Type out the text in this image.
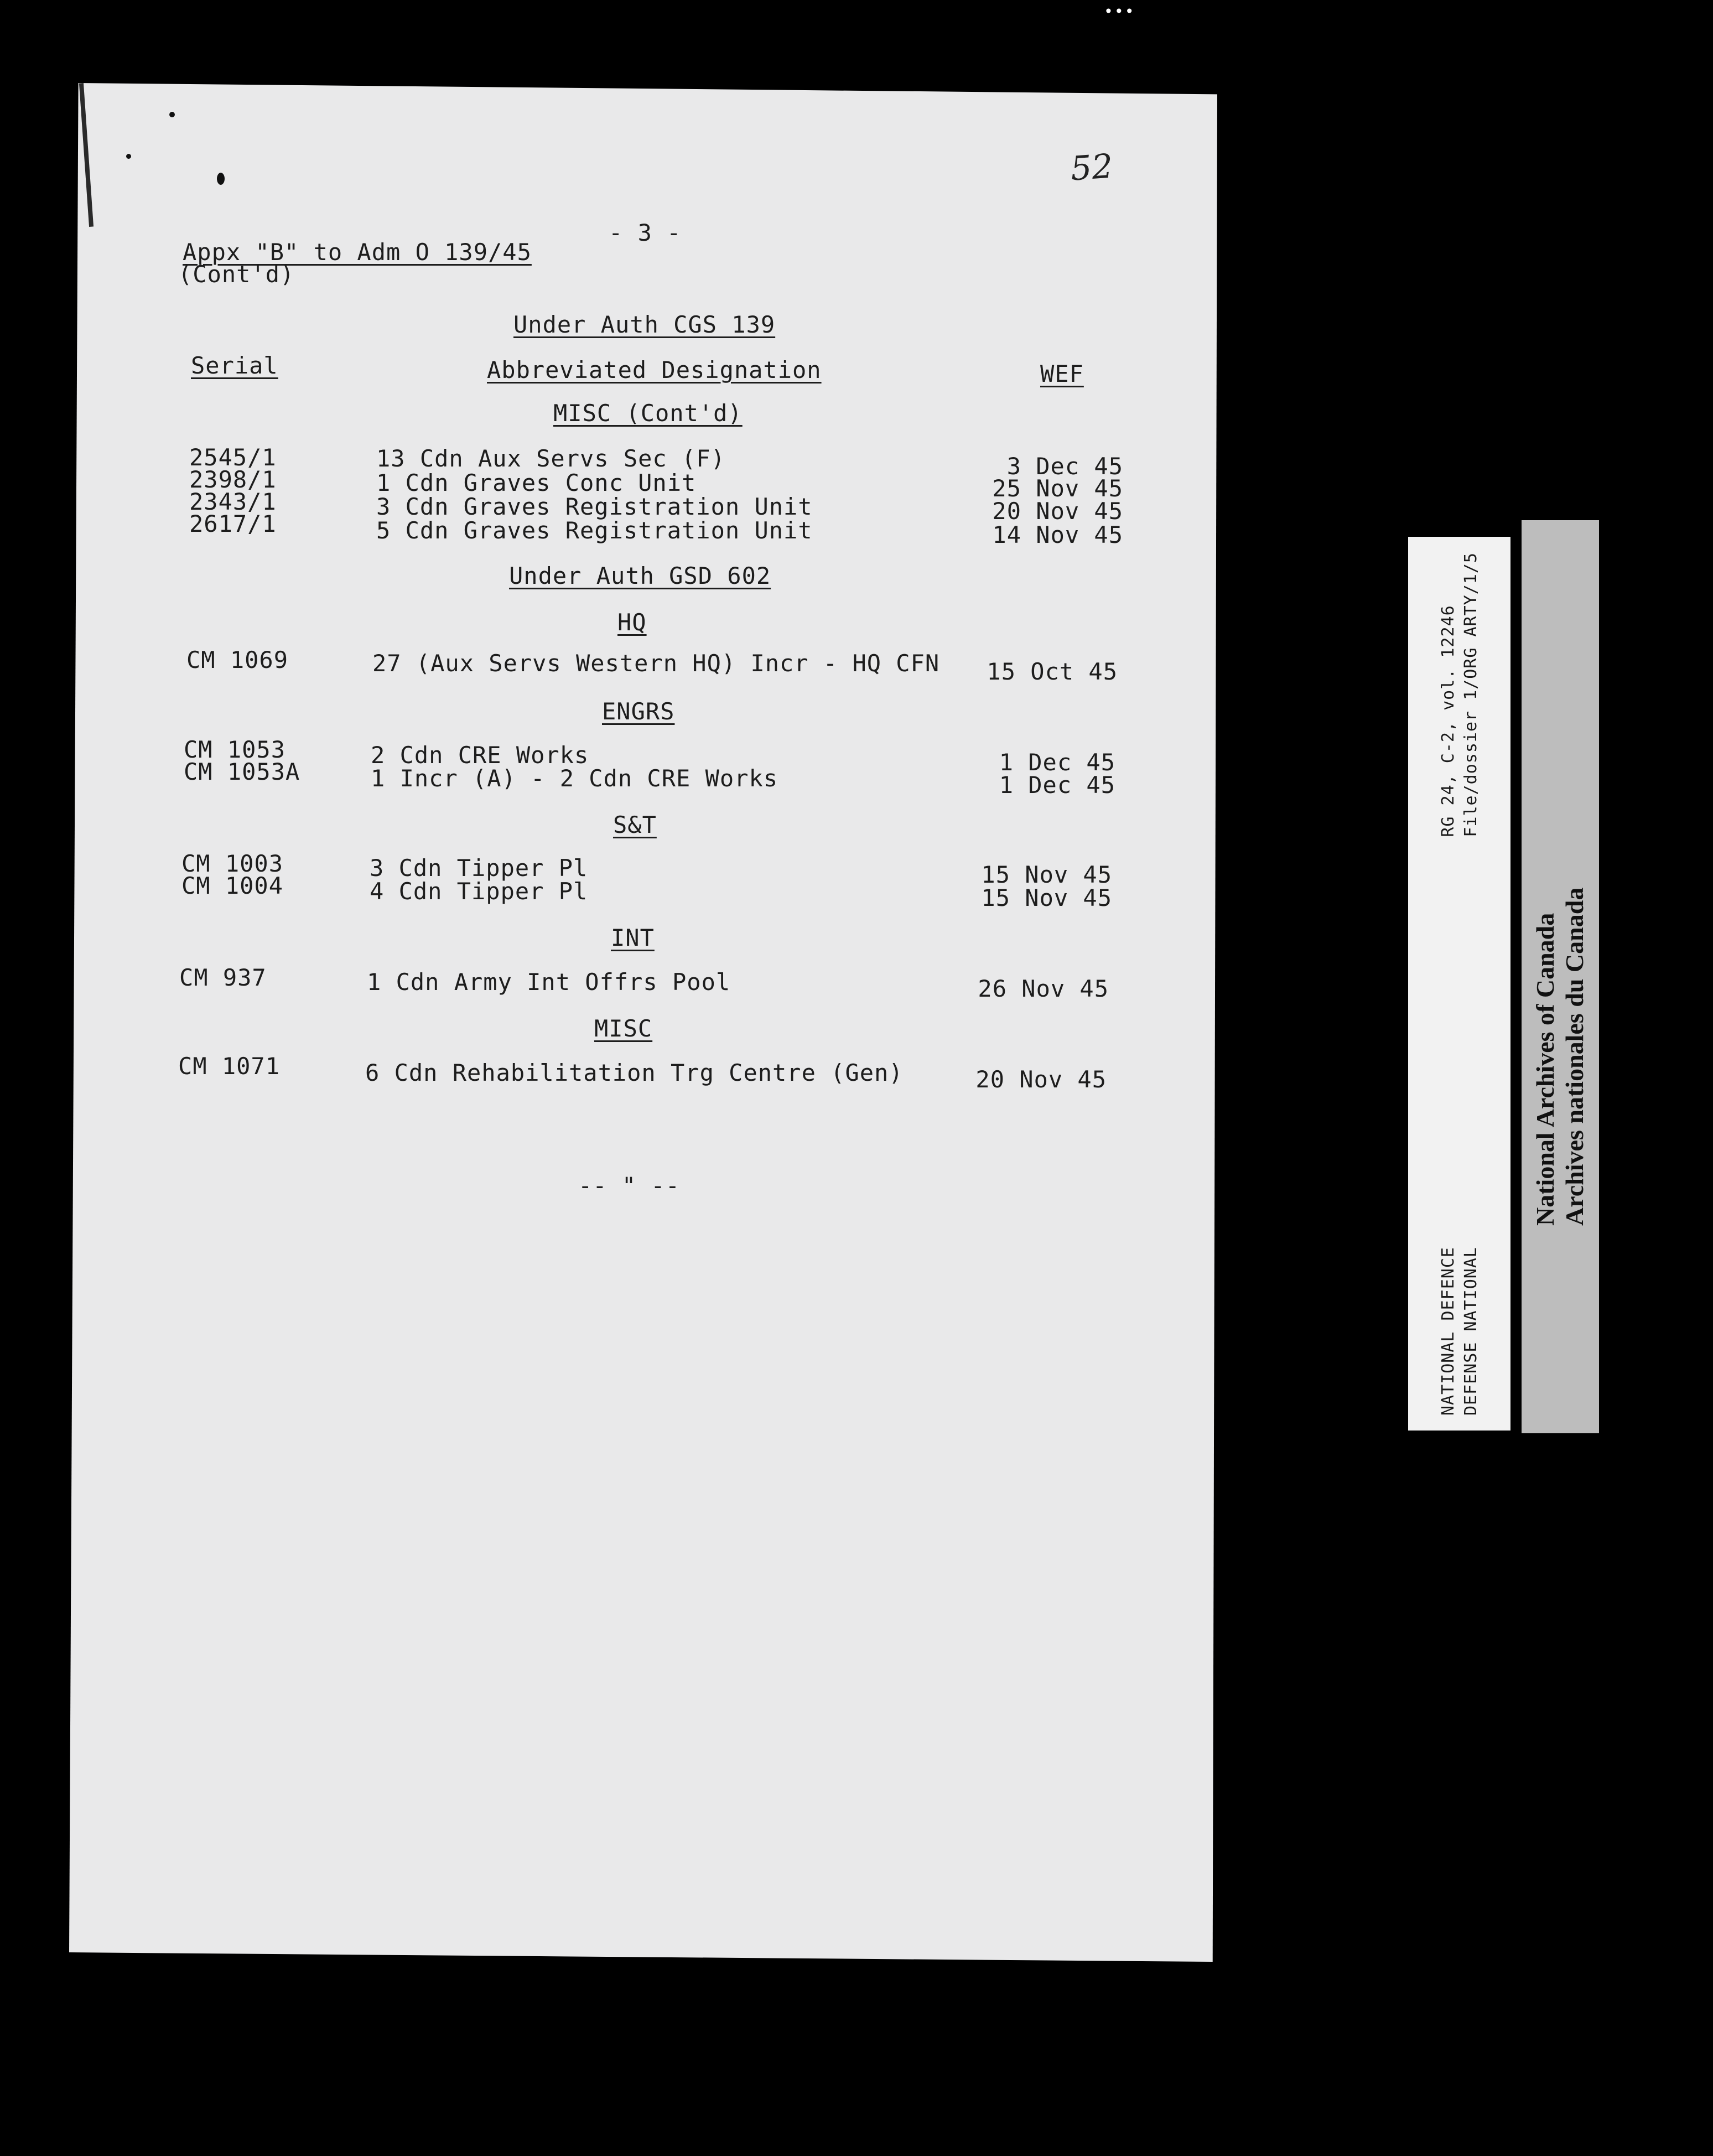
•••
52
- 3 -
Appx "B" to Adm O 139/45
(Cont'd)
Under Auth CGS 139
Serial	Abbreviated Designation	WEF
MISC (Cont'd)
2545/1	13 Cdn Aux Servs Sec (F)	3 Dec 45
2398/1	1 Cdn Graves Conc Unit	25 Nov 45
2343/1	3 Cdn Graves Registration Unit	20 Nov 45
2617/1	5 Cdn Graves Registration Unit	14 Nov 45
Under Auth GSD 602
HQ
CM 1069	27 (Aux Servs Western HQ) Incr - HQ CFN	15 Oct 45
ENGRS
CM 1053	2 Cdn CRE Works	1 Dec 45
CM 1053A	1 Incr (A) - 2 Cdn CRE Works	1 Dec 45
S&T
CM 1003	3 Cdn Tipper Pl	15 Nov 45
CM 1004	4 Cdn Tipper Pl	15 Nov 45
INT
CM 937	1 Cdn Army Int Offrs Pool	26 Nov 45
MISC
CM 1071	6 Cdn Rehabilitation Trg Centre (Gen)	20 Nov 45
-- " --
NATIONAL DEFENCE DEFENSE NATIONAL
RG 24, C-2, vol. 12246 File/dossier 1/ORG ARTY/1/5
National Archives of Canada Archives nationales du Canada
